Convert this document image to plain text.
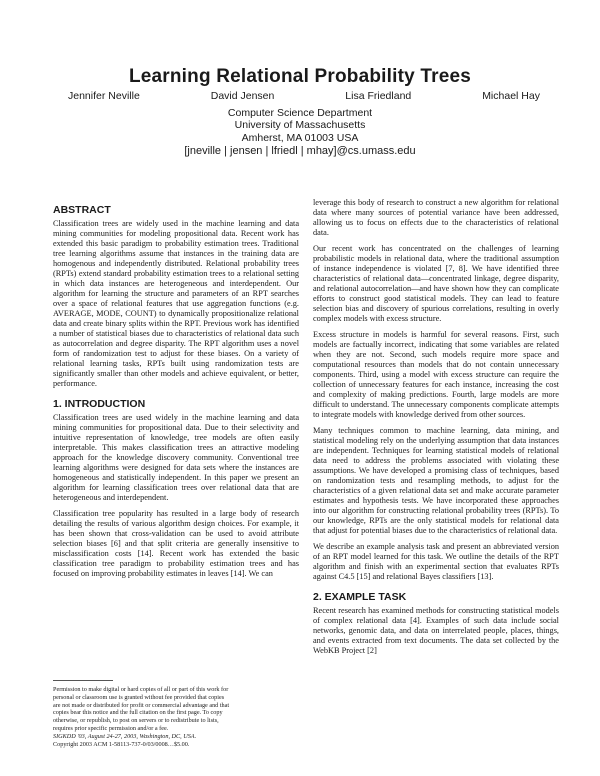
Learning Relational Probability Trees
Jennifer Neville	David Jensen	Lisa Friedland	Michael Hay
Computer Science Department
University of Massachusetts
Amherst, MA 01003 USA
[jneville | jensen | lfriedl | mhay]@cs.umass.edu
ABSTRACT

Classification trees are widely used in the machine learning and data mining communities for modeling propositional data. Recent work has extended this basic paradigm to probability estimation trees. Traditional tree learning algorithms assume that instances in the training data are homogenous and independently distributed. Relational probability trees (RPTs) extend standard probability estimation trees to a relational setting in which data instances are heterogeneous and interdependent. Our algorithm for learning the structure and parameters of an RPT searches over a space of relational features that use aggregation functions (e.g. AVERAGE, MODE, COUNT) to dynamically propositionalize relational data and create binary splits within the RPT. Previous work has identified a number of statistical biases due to characteristics of relational data such as autocorrelation and degree disparity. The RPT algorithm uses a novel form of randomization test to adjust for these biases. On a variety of relational learning tasks, RPTs built using randomization tests are significantly smaller than other models and achieve equivalent, or better, performance.

1. INTRODUCTION

Classification trees are used widely in the machine learning and data mining communities for propositional data. Due to their selectivity and intuitive representation of knowledge, tree models are often easily interpretable. This makes classification trees an attractive modeling approach for the knowledge discovery community. Conventional tree learning algorithms were designed for data sets where the instances are homogeneous and statistically independent. In this paper we present an algorithm for learning classification trees over relational data that are heterogeneous and interdependent.

Classification tree popularity has resulted in a large body of research detailing the results of various algorithm design choices. For example, it has been shown that cross-validation can be used to avoid attribute selection biases [6] and that split criteria are generally insensitive to misclassification costs [14]. Recent work has extended the basic classification tree paradigm to probability estimation trees and has focused on improving probability estimates in leaves [14]. We can

Permission to make digital or hard copies of all or part of this work for

personal or classroom use is granted without fee provided that copies

are not made or distributed for profit or commercial advantage and that

copies bear this notice and the full citation on the first page. To copy

otherwise, or republish, to post on servers or to redistribute to lists,

requires prior specific permission and/or a fee.

SIGKDD '03, August 24-27, 2003, Washington, DC, USA.

Copyright 2003 ACM 1-58113-737-0/03/0008…$5.00.

leverage this body of research to construct a new algorithm for relational data where many sources of potential variance have been addressed, allowing us to focus on effects due to the characteristics of relational data.

Our recent work has concentrated on the challenges of learning probabilistic models in relational data, where the traditional assumption of instance independence is violated [7, 8]. We have identified three characteristics of relational data—concentrated linkage, degree disparity, and relational autocorrelation—and have shown how they can complicate efforts to construct good statistical models. They can lead to feature selection bias and discovery of spurious correlations, resulting in overly complex models with excess structure.

Excess structure in models is harmful for several reasons. First, such models are factually incorrect, indicating that some variables are related when they are not. Second, such models require more space and computational resources than models that do not contain unnecessary components. Third, using a model with excess structure can require the collection of unnecessary features for each instance, increasing the cost and complexity of making predictions. Fourth, large models are more difficult to understand. The unnecessary components complicate attempts to integrate models with knowledge derived from other sources.

Many techniques common to machine learning, data mining, and statistical modeling rely on the underlying assumption that data instances are independent. Techniques for learning statistical models of relational data need to address the problems associated with violating these assumptions. We have developed a promising class of techniques, based on randomization tests and resampling methods, to adjust for the characteristics of a given relational data set and make accurate parameter estimates and hypothesis tests. We have incorporated these approaches into our algorithm for constructing relational probability trees (RPTs). To our knowledge, RPTs are the only statistical models for relational data that adjust for potential biases due to the characteristics of relational data.

We describe an example analysis task and present an abbreviated version of an RPT model learned for this task. We outline the details of the RPT algorithm and finish with an experimental section that evaluates RPTs against C4.5 [15] and relational Bayes classifiers [13].

2. EXAMPLE TASK

Recent research has examined methods for constructing statistical models of complex relational data [4]. Examples of such data include social networks, genomic data, and data on interrelated people, places, things, and events extracted from text documents. The data set collected by the WebKB Project [2]
